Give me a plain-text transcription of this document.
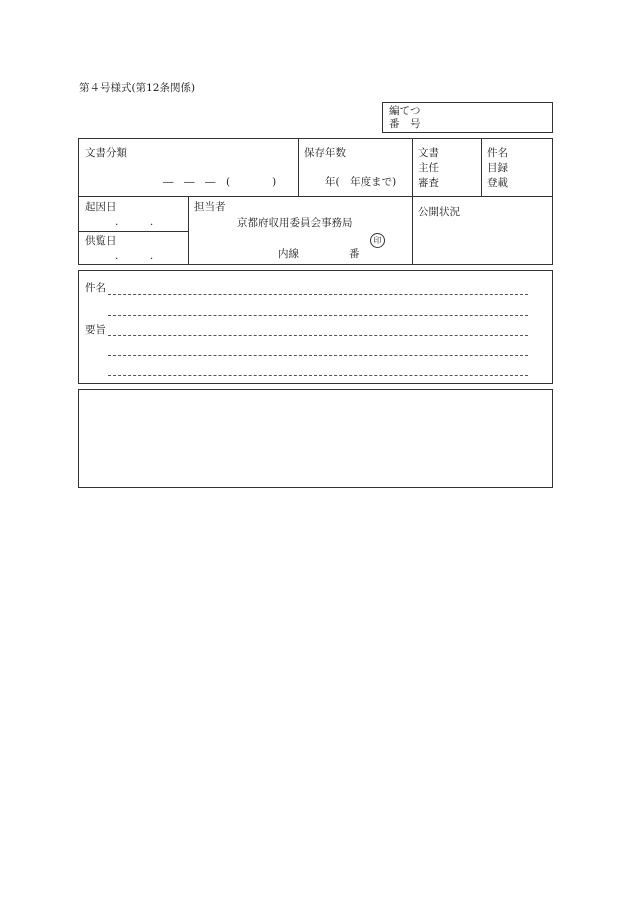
第４号様式(第12条関係)
編てつ
番　号
文書分類
―　―　―　(　　　　)
保存年数
年(　年度まで)
文書
主任
審査
件名
目録
登載
起因日
.　　　.
供覧日
.　　　.
担当者
京都府収用委員会事務局
印
内線	番
公開状況
件名
要旨
